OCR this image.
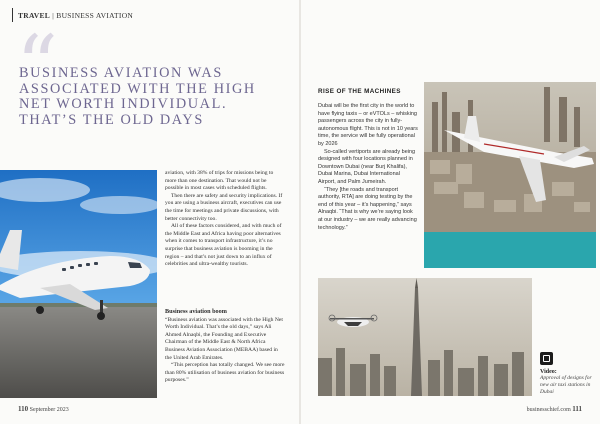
TRAVEL | BUSINESS AVIATION
“
BUSINESS AVIATION WAS ASSOCIATED WITH THE HIGH NET WORTH INDIVIDUAL. THAT’S THE OLD DAYS

aviation, with 38% of trips for missions being to more than one destination. That would not be possible in most cases with scheduled flights.

Then there are safety and security implications. If you are using a business aircraft, executives can use the time for meetings and private discussions, with better connectivity too.

All of these factors considered, and with much of the Middle East and Africa having poor alternatives when it comes to transport infrastructure, it’s no surprise that business aviation is booming in the region – and that’s not just down to an influx of celebrities and ultra-wealthy tourists.

Business aviation boom

“Business aviation was associated with the High Net Worth Individual. That’s the old days,” says Ali Ahmed Alnaqbi, the Founding and Executive Chairman of the Middle East & North Africa Business Aviation Association (MEBAA) based in the United Arab Emirates.

“This perception has totally changed. We see more than 80% utilisation of business aviation for business purposes.”

RISE OF THE MACHINES

Dubai will be the first city in the world to have flying taxis – or eVTOLs – whisking passengers across the city in fully-autonomous flight. This is not in 10 years time, the service will be fully operational by 2026

So-called vertiports are already being designed with four locations planned in Downtown Dubai (near Burj Khalifa), Dubai Marina, Dubai International Airport, and Palm Jumeirah.

“They [the roads and transport authority, RTA] are doing testing by the end of this year – it’s happening,” says Alnaqbi. “That is why we’re saying look at our industry – we are really advancing technology.”

Video:
Approval of designs for new air taxi stations in Dubai
110 September 2023	businesschief.com 111
